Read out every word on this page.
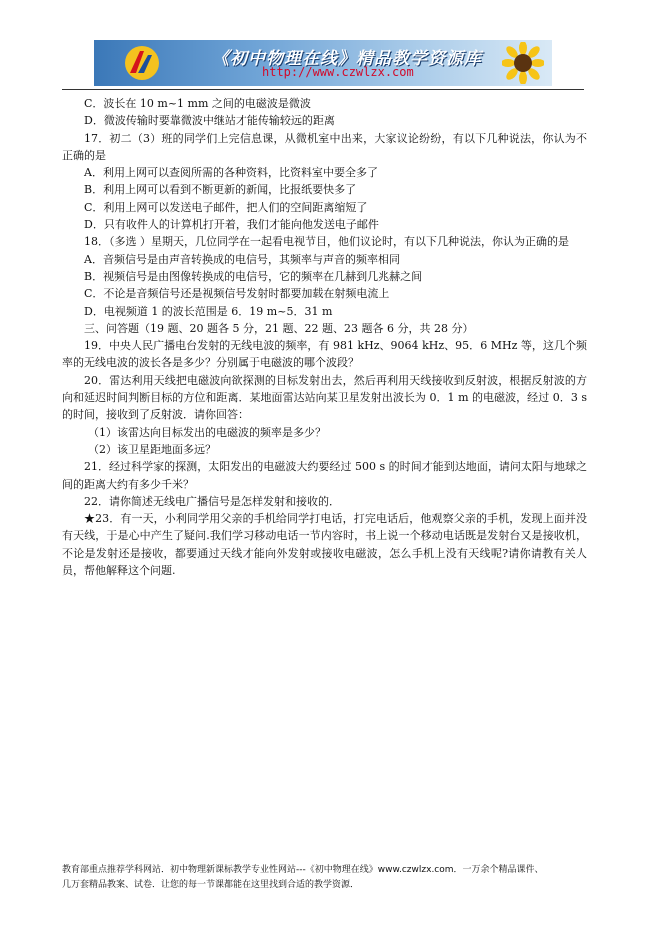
《初中物理在线》精品教学资源库
http://www.czwlzx.com

C．波长在 10 m~1 mm 之间的电磁波是微波

D．微波传输时要靠微波中继站才能传输较远的距离

17．初二（3）班的同学们上完信息课，从微机室中出来，大家议论纷纷，有以下几种说法，你认为不正确的是

A．利用上网可以查阅所需的各种资料，比资料室中要全多了

B．利用上网可以看到不断更新的新闻，比报纸要快多了

C．利用上网可以发送电子邮件，把人们的空间距离缩短了

D．只有收件人的计算机打开着，我们才能向他发送电子邮件

18．（多选 ）星期天，几位同学在一起看电视节目，他们议论时，有以下几种说法，你认为正确的是

A．音频信号是由声音转换成的电信号，其频率与声音的频率相同

B．视频信号是由图像转换成的电信号，它的频率在几赫到几兆赫之间

C．不论是音频信号还是视频信号发射时都要加载在射频电流上

D．电视频道 1 的波长范围是 6．19 m~5．31 m

三、问答题（19 题、20 题各 5 分，21 题、22 题、23 题各 6 分，共 28 分）

19．中央人民广播电台发射的无线电波的频率，有 981 kHz、9064 kHz、95．6 MHz 等，这几个频率的无线电波的波长各是多少？分别属于电磁波的哪个波段？

20．雷达利用天线把电磁波向欲探测的目标发射出去，然后再利用天线接收到反射波，根据反射波的方向和延迟时间判断目标的方位和距离．某地面雷达站向某卫星发射出波长为 0．1 m 的电磁波，经过 0．3 s 的时间，接收到了反射波．请你回答：

（1）该雷达向目标发出的电磁波的频率是多少？

（2）该卫星距地面多远？

21．经过科学家的探测，太阳发出的电磁波大约要经过 500 s 的时间才能到达地面，请问太阳与地球之间的距离大约有多少千米？

22．请你简述无线电广播信号是怎样发射和接收的．

★23．有一天，小利同学用父亲的手机给同学打电话，打完电话后，他观察父亲的手机，发现上面并没有天线，于是心中产生了疑问.我们学习移动电话一节内容时，书上说一个移动电话既是发射台又是接收机，不论是发射还是接收，都要通过天线才能向外发射或接收电磁波，怎么手机上没有天线呢?请你请教有关人员，帮他解释这个问题.

教育部重点推荐学科网站．初中物理新课标教学专业性网站---《初中物理在线》www.czwlzx.com．一万余个精品课件、
几万套精品教案、试卷．让您的每一节课都能在这里找到合适的教学资源．
